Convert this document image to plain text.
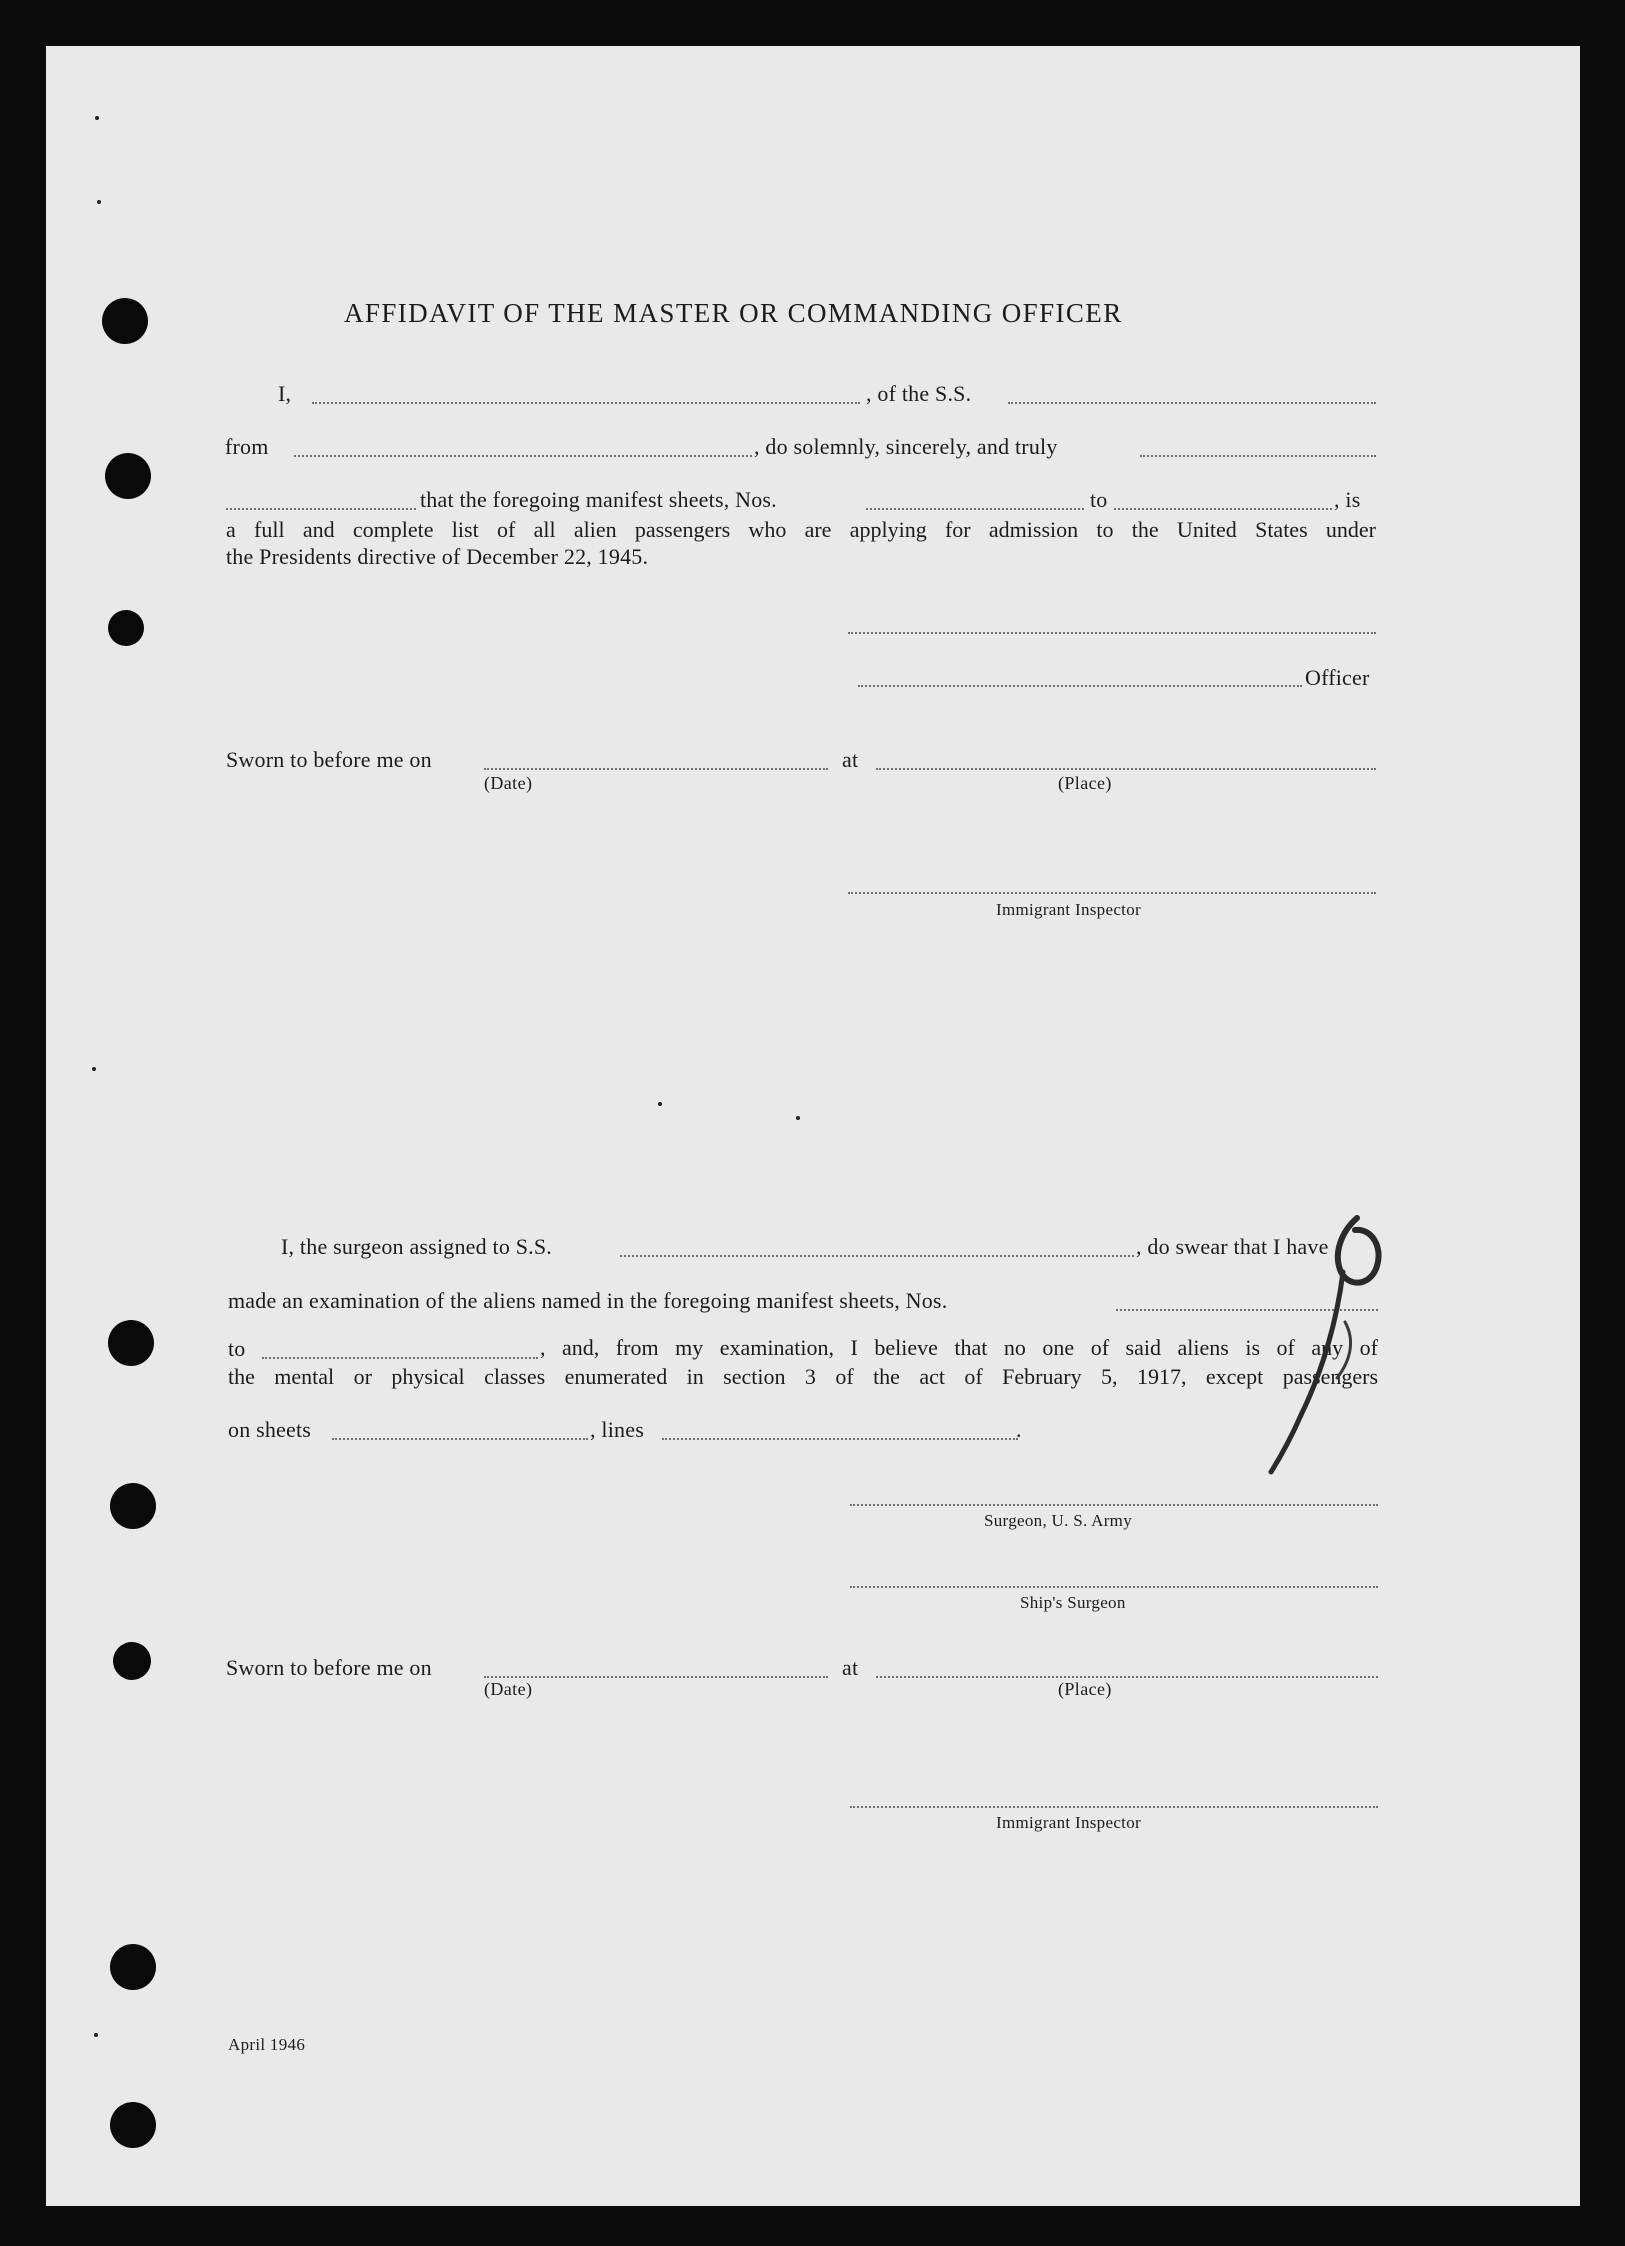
AFFIDAVIT OF THE MASTER OR COMMANDING OFFICER
I,	, of the S.S.
from	, do solemnly, sincerely, and truly
that the foregoing manifest sheets, Nos.	to	, is
a full and complete list of all alien passengers who are applying for admission to the United States under
the Presidents directive of December 22, 1945.
Officer
Sworn to before me on	at
(Date)	(Place)
Immigrant Inspector
I, the surgeon assigned to S.S.	, do swear that I have
made an examination of the aliens named in the foregoing manifest sheets, Nos.
to	, and, from my examination, I believe that no one of said aliens is of any of
the mental or physical classes enumerated in section 3 of the act of February 5, 1917, except passengers
on sheets	, lines	.
Surgeon, U. S. Army
Ship's Surgeon
Sworn to before me on	at
(Date)	(Place)
Immigrant Inspector
April 1946
